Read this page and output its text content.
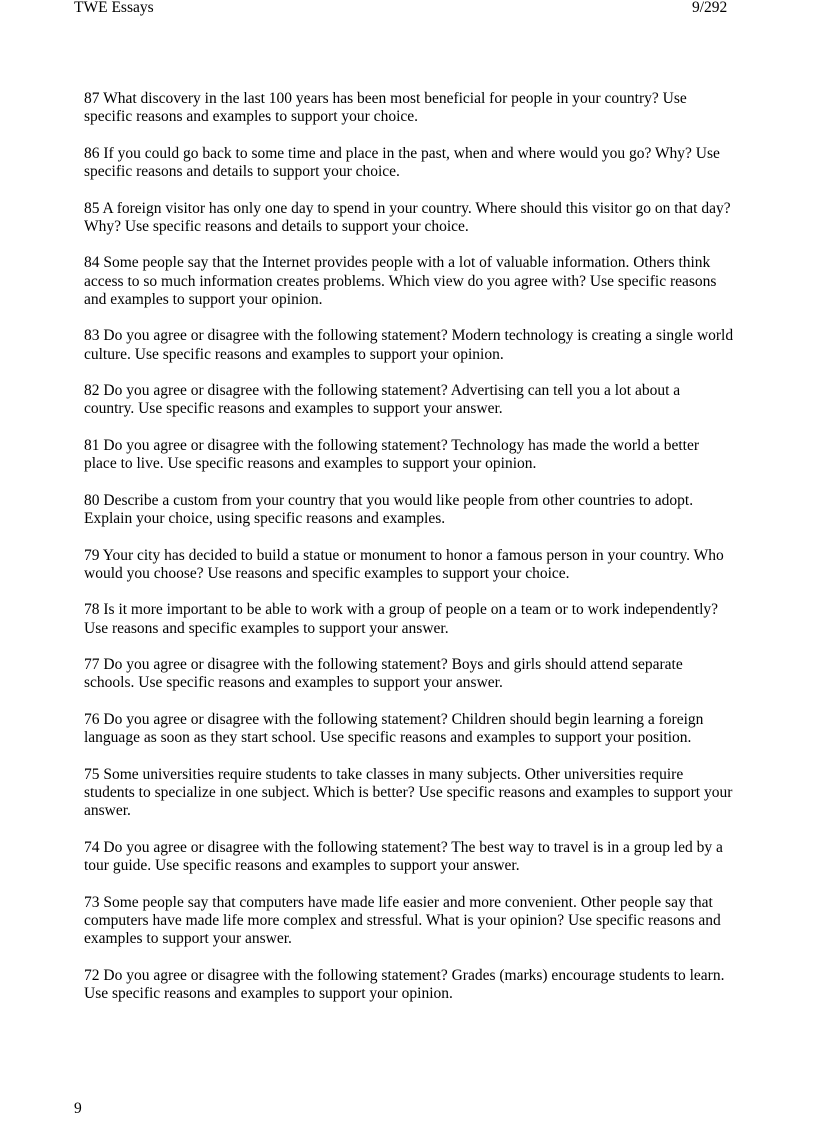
TWE Essays	9/292

87 What discovery in the last 100 years has been most beneficial for people in your country? Use specific reasons and examples to support your choice.

86 If you could go back to some time and place in the past, when and where would you go? Why? Use specific reasons and details to support your choice.

85 A foreign visitor has only one day to spend in your country. Where should this visitor go on that day? Why? Use specific reasons and details to support your choice.

84 Some people say that the Internet provides people with a lot of valuable information. Others think access to so much information creates problems. Which view do you agree with? Use specific reasons and examples to support your opinion.

83 Do you agree or disagree with the following statement? Modern technology is creating a single world culture. Use specific reasons and examples to support your opinion.

82 Do you agree or disagree with the following statement? Advertising can tell you a lot about a country. Use specific reasons and examples to support your answer.

81 Do you agree or disagree with the following statement? Technology has made the world a better place to live. Use specific reasons and examples to support your opinion.

80 Describe a custom from your country that you would like people from other countries to adopt. Explain your choice, using specific reasons and examples.

79 Your city has decided to build a statue or monument to honor a famous person in your country. Who would you choose? Use reasons and specific examples to support your choice.

78 Is it more important to be able to work with a group of people on a team or to work independently? Use reasons and specific examples to support your answer.

77 Do you agree or disagree with the following statement? Boys and girls should attend separate schools. Use specific reasons and examples to support your answer.

76 Do you agree or disagree with the following statement? Children should begin learning a foreign language as soon as they start school. Use specific reasons and examples to support your position.

75 Some universities require students to take classes in many subjects. Other universities require students to specialize in one subject. Which is better? Use specific reasons and examples to support your answer.

74 Do you agree or disagree with the following statement? The best way to travel is in a group led by a tour guide. Use specific reasons and examples to support your answer.

73 Some people say that computers have made life easier and more convenient. Other people say that computers have made life more complex and stressful. What is your opinion? Use specific reasons and examples to support your answer.

72 Do you agree or disagree with the following statement? Grades (marks) encourage students to learn. Use specific reasons and examples to support your opinion.

9
